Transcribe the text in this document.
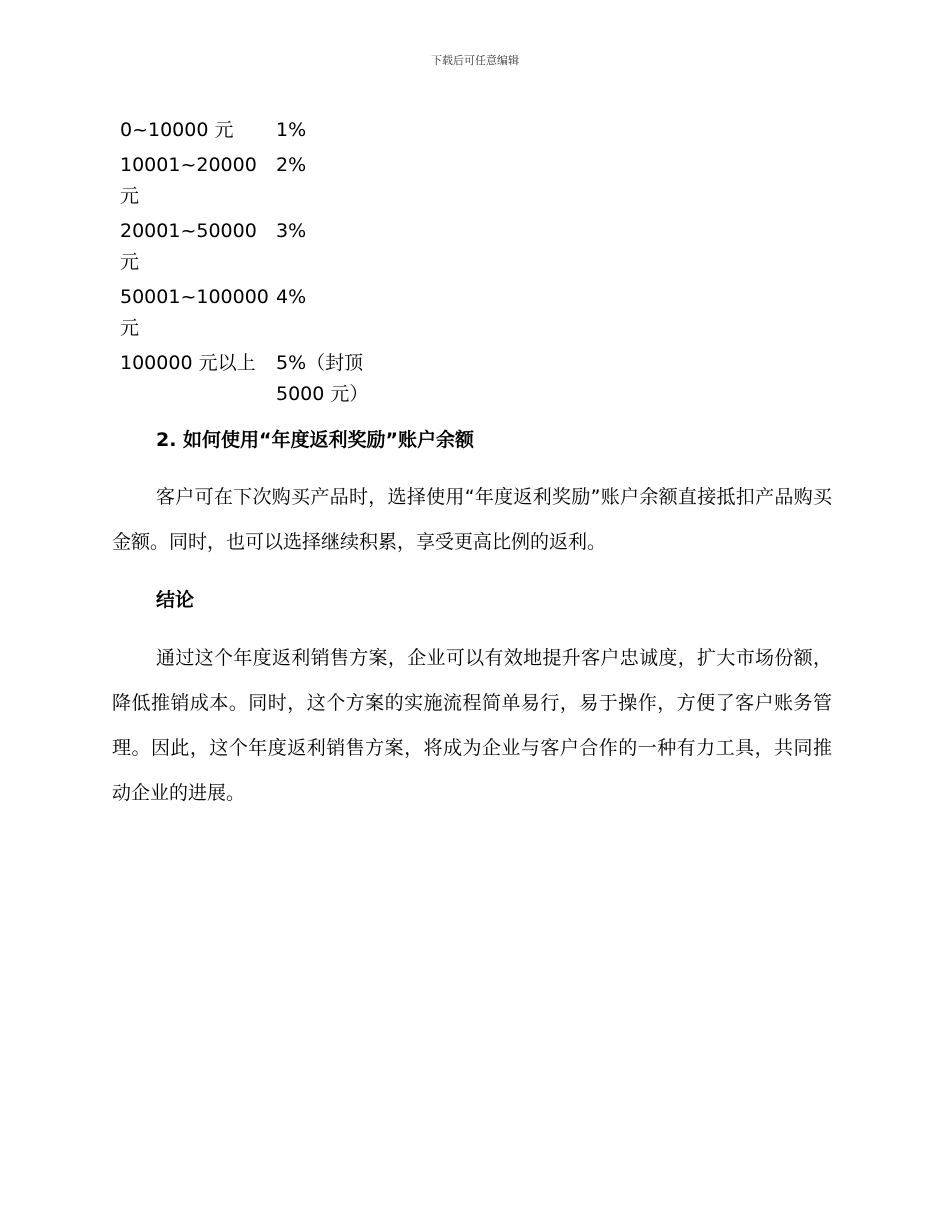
下载后可任意编辑
0~10000 元	1%
10001~20000 元	2%
20001~50000 元	3%
50001~100000 元	4%
100000 元以上	5%（封顶 5000 元）
2. 如何使用“年度返利奖励”账户余额

客户可在下次购买产品时，选择使用“年度返利奖励”账户余额直接抵扣产品购买金额。同时，也可以选择继续积累，享受更高比例的返利。

结论

通过这个年度返利销售方案，企业可以有效地提升客户忠诚度，扩大市场份额，降低推销成本。同时，这个方案的实施流程简单易行，易于操作，方便了客户账务管理。因此，这个年度返利销售方案，将成为企业与客户合作的一种有力工具，共同推动企业的进展。
